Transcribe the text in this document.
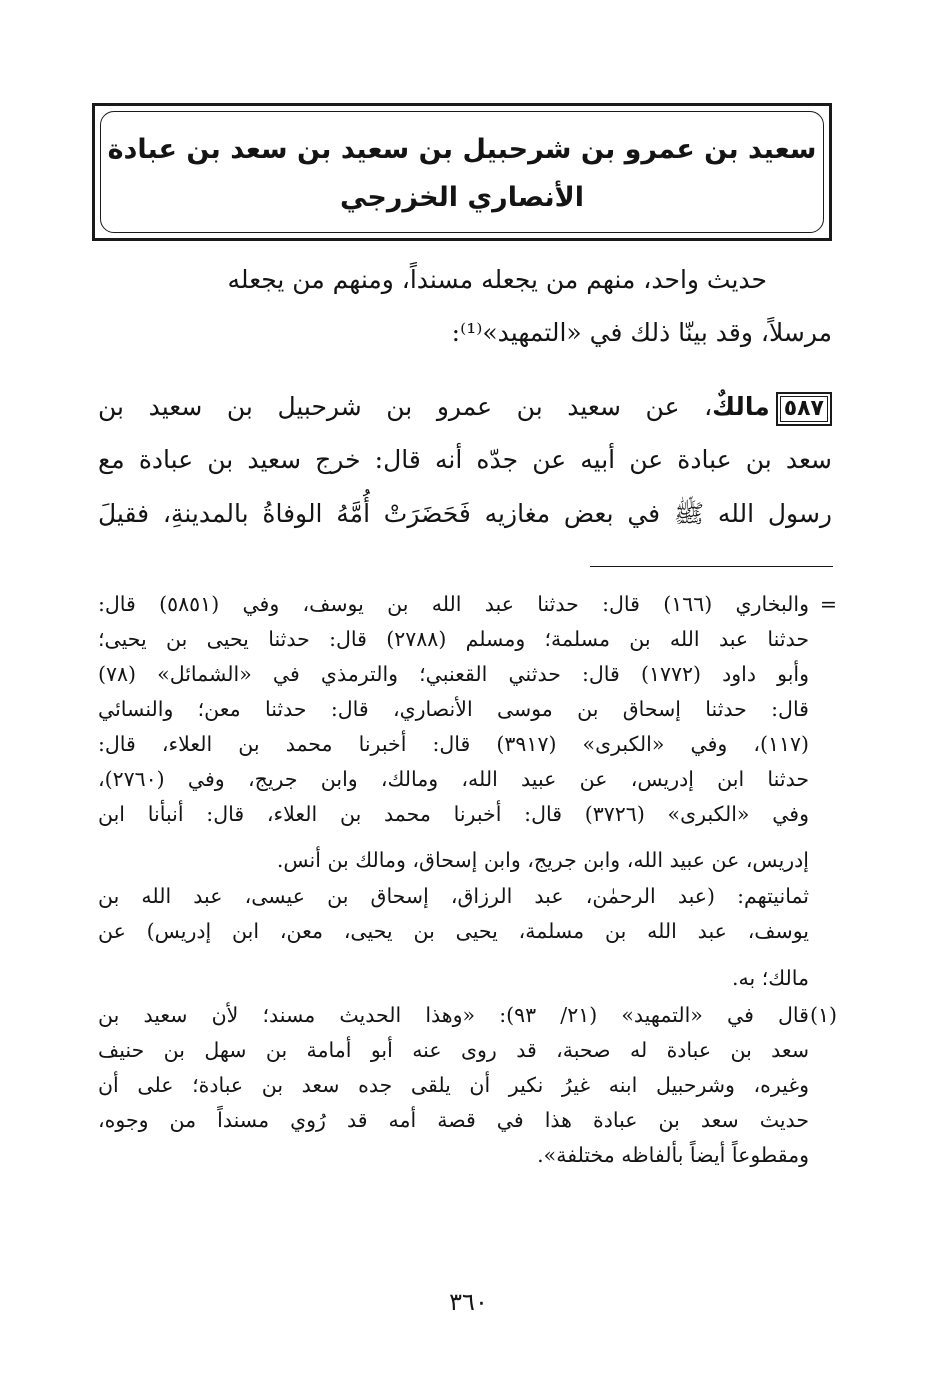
سعيد بن عمرو بن شرحبيل بن سعيد بن سعد بن عبادة
الأنصاري الخزرجي
حديث واحد، منهم من يجعله مسنداً، ومنهم من يجعله
مرسلاً، وقد بينّا ذلك في «التمهيد»⁽¹⁾:
٥٨٧مالكٌ، عن سعيد بن عمرو بن شرحبيل بن سعيد بن
سعد بن عبادة عن أبيه عن جدّه أنه قال: خرج سعيد بن عبادة مع
رسول الله ﷺ في بعض مغازيه فَحَضَرَتْ أُمَّهُ الوفاةُ بالمدينةِ، فقيلَ
=
والبخاري (١٦٦) قال: حدثنا عبد الله بن يوسف، وفي (٥٨٥١) قال:
حدثنا عبد الله بن مسلمة؛ ومسلم (٢٧٨٨) قال: حدثنا يحيى بن يحيى؛
وأبو داود (١٧٧٢) قال: حدثني القعنبي؛ والترمذي في «الشمائل» (٧٨)
قال: حدثنا إسحاق بن موسى الأنصاري، قال: حدثنا معن؛ والنسائي
(١١٧)، وفي «الكبرى» (٣٩١٧) قال: أخبرنا محمد بن العلاء، قال:
حدثنا ابن إدريس، عن عبيد الله، ومالك، وابن جريج، وفي (٢٧٦٠)،
وفي «الكبرى» (٣٧٢٦) قال: أخبرنا محمد بن العلاء، قال: أنبأنا ابن
إدريس، عن عبيد الله، وابن جريج، وابن إسحاق، ومالك بن أنس.
ثمانيتهم: (عبد الرحمٰن، عبد الرزاق، إسحاق بن عيسى، عبد الله بن
يوسف، عبد الله بن مسلمة، يحيى بن يحيى، معن، ابن إدريس) عن
مالك؛ به.
(١)
قال في «التمهيد» (٢١/ ٩٣): «وهذا الحديث مسند؛ لأن سعيد بن
سعد بن عبادة له صحبة، قد روى عنه أبو أمامة بن سهل بن حنيف
وغيره، وشرحبيل ابنه غيرُ نكير أن يلقى جده سعد بن عبادة؛ على أن
حديث سعد بن عبادة هذا في قصة أمه قد رُوي مسنداً من وجوه،
ومقطوعاً أيضاً بألفاظه مختلفة».
٣٦٠
